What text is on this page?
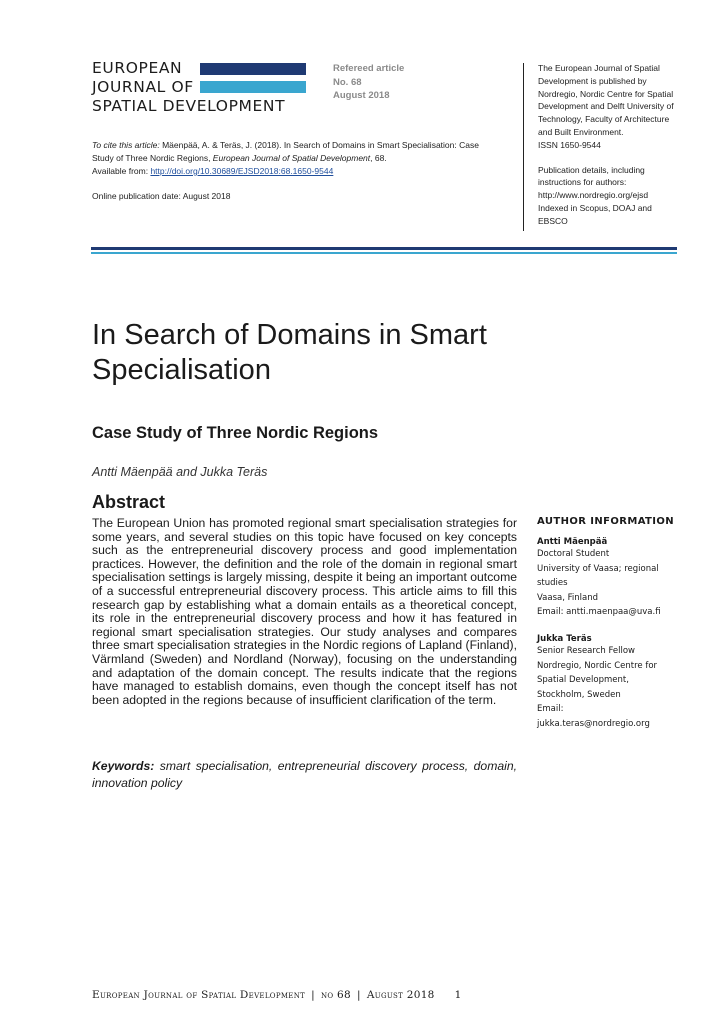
EUROPEAN
JOURNAL OF
SPATIAL DEVELOPMENT
Refereed article
No. 68
August 2018
To cite this article: Mäenpää, A. & Teräs, J. (2018). In Search of Domains in Smart Specialisation: Case Study of Three Nordic Regions, European Journal of Spatial Development, 68.
Available from: http://doi.org/10.30689/EJSD2018:68.1650-9544
Online publication date: August 2018
The European Journal of Spatial
Development is published by
Nordregio, Nordic Centre for Spatial
Development and Delft University of
Technology, Faculty of Architecture
and Built Environment.
ISSN 1650-9544
Publication details, including
instructions for authors:
http://www.nordregio.org/ejsd
Indexed in Scopus, DOAJ and
EBSCO
In Search of Domains in Smart Specialisation
Case Study of Three Nordic Regions
Antti Mäenpää and Jukka Teräs
Abstract
The European Union has promoted regional smart specialisation strategies for some years, and several studies on this topic have focused on key concepts such as the entrepreneurial discovery process and good implementation practices. However, the definition and the role of the domain in regional smart specialisation settings is largely missing, despite it being an important outcome of a successful entrepreneurial discovery process. This article aims to fill this research gap by establishing what a domain entails as a theoretical concept, its role in the entrepreneurial discovery process and how it has featured in regional smart specialisation strategies. Our study analyses and compares three smart specialisation strategies in the Nordic regions of Lapland (Finland), Värmland (Sweden) and Nordland (Norway), focusing on the understanding and adaptation of the domain concept. The results indicate that the regions have managed to establish domains, even though the concept itself has not been adopted in the regions because of insufficient clarification of the term.
Keywords: smart specialisation, entrepreneurial discovery process, domain, innovation policy
AUTHOR INFORMATION
Antti Mäenpää
Doctoral Student
University of Vaasa; regional
studies
Vaasa, Finland
Email: antti.maenpaa@uva.fi
Jukka Teräs
Senior Research Fellow
Nordregio, Nordic Centre for
Spatial Development,
Stockholm, Sweden
Email:
jukka.teras@nordregio.org
European Journal of Spatial Development | no 68 | August 2018 1
